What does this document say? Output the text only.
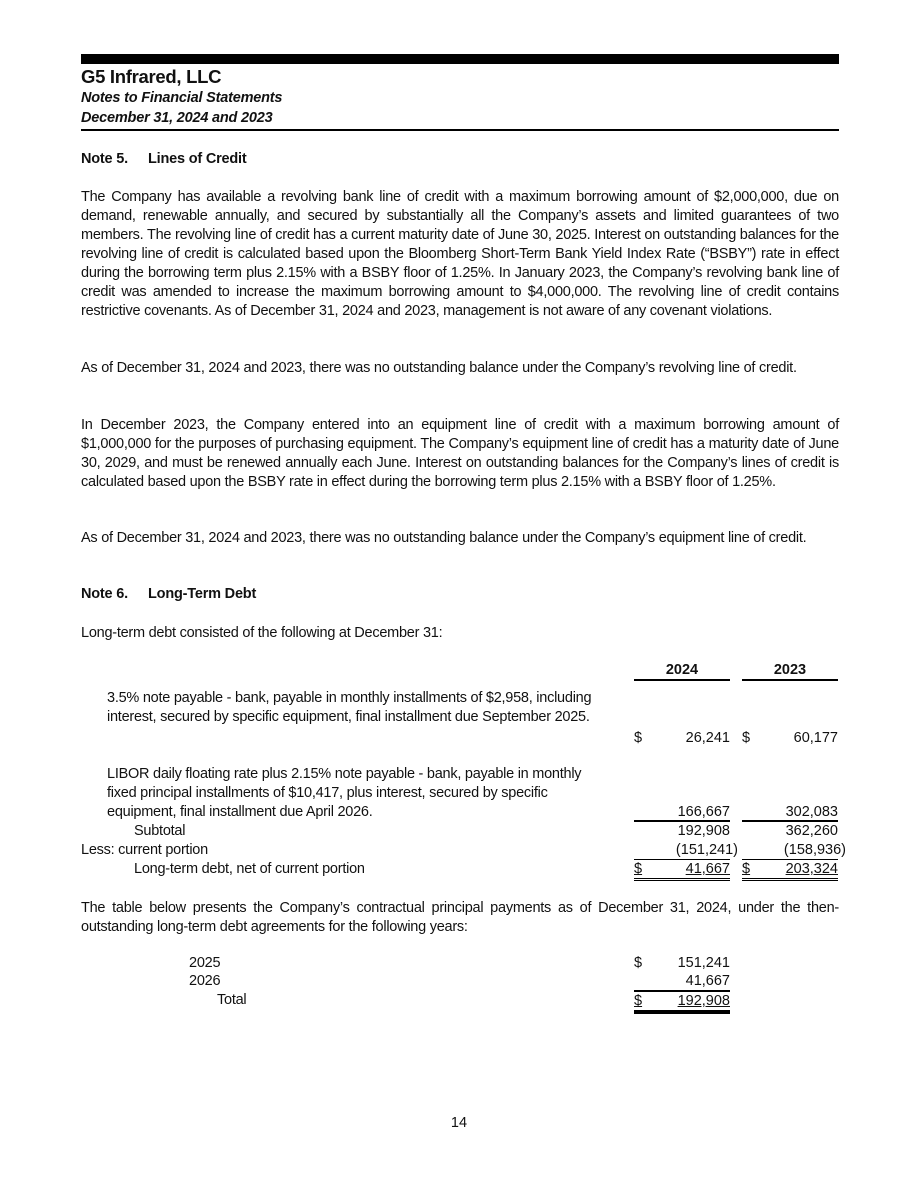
G5 Infrared, LLC
Notes to Financial Statements
December 31, 2024 and 2023
Note 5. Lines of Credit

The Company has available a revolving bank line of credit with a maximum borrowing amount of $2,000,000, due on demand, renewable annually, and secured by substantially all the Company’s assets and limited guarantees of two members. The revolving line of credit has a current maturity date of June 30, 2025. Interest on outstanding balances for the revolving line of credit is calculated based upon the Bloomberg Short-Term Bank Yield Index Rate (“BSBY”) rate in effect during the borrowing term plus 2.15% with a BSBY floor of 1.25%. In January 2023, the Company’s revolving bank line of credit was amended to increase the maximum borrowing amount to $4,000,000. The revolving line of credit contains restrictive covenants. As of December 31, 2024 and 2023, management is not aware of any covenant violations.

As of December 31, 2024 and 2023, there was no outstanding balance under the Company’s revolving line of credit.

In December 2023, the Company entered into an equipment line of credit with a maximum borrowing amount of $1,000,000 for the purposes of purchasing equipment. The Company’s equipment line of credit has a maturity date of June 30, 2029, and must be renewed annually each June. Interest on outstanding balances for the Company’s lines of credit is calculated based upon the BSBY rate in effect during the borrowing term plus 2.15% with a BSBY floor of 1.25%.

As of December 31, 2024 and 2023, there was no outstanding balance under the Company’s equipment line of credit.

Note 6. Long-Term Debt
Long-term debt consisted of the following at December 31:
2024	2023
3.5% note payable - bank, payable in monthly installments of $2,958, including interest, secured by specific equipment, final installment due September 2025.
$	26,241 $	60,177
LIBOR daily floating rate plus 2.15% note payable - bank, payable in monthly fixed principal installments of $10,417, plus interest, secured by specific equipment, final installment due April 2026.	166,667	302,083
Subtotal	192,908	362,260
Less: current portion	(151,241)	(158,936)
Long-term debt, net of current portion	$	41,667 $ 203,324

The table below presents the Company’s contractual principal payments as of December 31, 2024, under the then-outstanding long-term debt agreements for the following years:

2025	$ 151,241
2026	41,667
Total	$ 192,908
14
